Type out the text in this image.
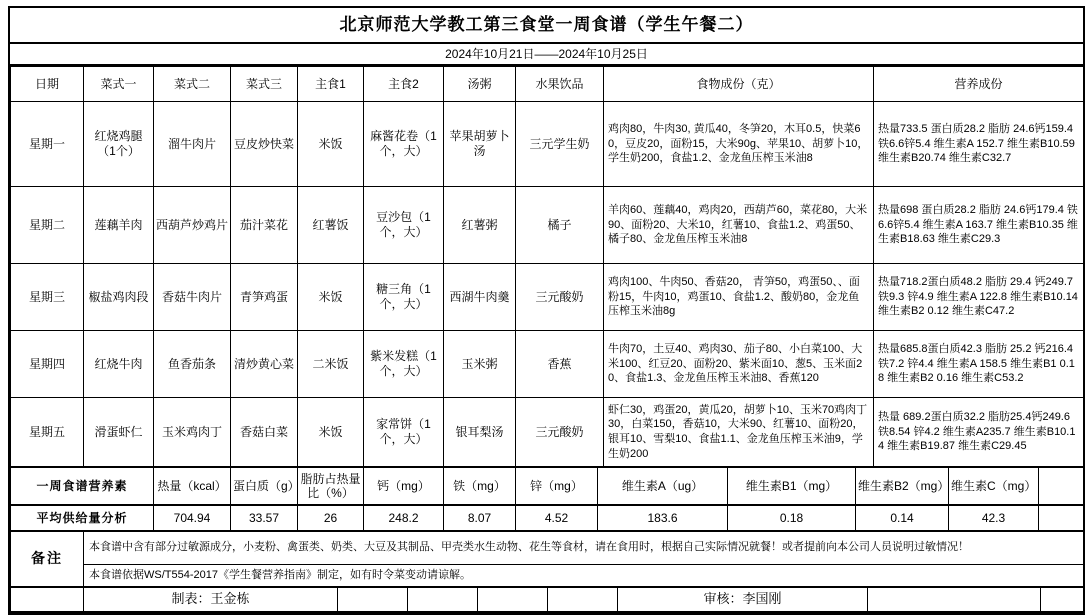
北京师范大学教工第三食堂一周食谱（学生午餐二）
2024年10月21日——2024年10月25日
日期	菜式一	菜式二	菜式三	主食1	主食2	汤粥	水果饮品	食物成份（克）	营养成份
星期一	红烧鸡腿（1个）	溜牛肉片	豆皮炒快菜	米饭	麻酱花卷（1个，大）	苹果胡萝卜汤	三元学生奶	鸡肉80，牛肉30, 黄瓜40，冬笋20，木耳0.5，快菜60，豆皮20，面粉15，大米90g、苹果10、胡萝卜10，学生奶200，食盐1.2、金龙鱼压榨玉米油8	热量733.5 蛋白质28.2 脂肪 24.6钙159.4 铁6.6锌5.4 维生素A 152.7 维生素B10.59 维生素B20.74 维生素C32.7
星期二	莲藕羊肉	西葫芦炒鸡片	茄汁菜花	红薯饭	豆沙包（1个，大）	红薯粥	橘子	羊肉60、莲藕40，鸡肉20，西葫芦60，菜花80，大米90、面粉20、大米10，红薯10、食盐1.2、鸡蛋50、橘子80、金龙鱼压榨玉米油8	热量698 蛋白质28.2 脂肪 24.6钙179.4 铁6.6锌5.4 维生素A 163.7 维生素B10.35 维生素B18.63 维生素C29.3
星期三	椒盐鸡肉段	香菇牛肉片	青笋鸡蛋	米饭	糖三角（1个，大）	西湖牛肉羹	三元酸奶	鸡肉100、牛肉50、香菇20， 青笋50，鸡蛋50、、面粉15，牛肉10，鸡蛋10、食盐1.2、酸奶80，金龙鱼压榨玉米油8g	热量718.2蛋白质48.2 脂肪 29.4 钙249.7 铁9.3 锌4.9 维生素A 122.8 维生素B10.14 维生素B2 0.12 维生素C47.2
星期四	红烧牛肉	鱼香茄条	清炒黄心菜	二米饭	紫米发糕（1个，大）	玉米粥	香蕉	牛肉70，土豆40、鸡肉30、茄子80、小白菜100、大米100、红豆20、面粉20、紫米面10、葱5、玉米面20、食盐1.3、金龙鱼压榨玉米油8、香蕉120	热量685.8蛋白质42.3 脂肪 25.2 钙216.4 铁7.2 锌4.4 维生素A 158.5 维生素B1 0.18 维生素B2 0.16 维生素C53.2
星期五	滑蛋虾仁	玉米鸡肉丁	香菇白菜	米饭	家常饼（1个，大）	银耳梨汤	三元酸奶	虾仁30，鸡蛋20，黄瓜20，胡萝卜10、玉米70鸡肉丁30，白菜150，香菇10，大米90、红薯10、面粉20，银耳10、雪梨10、食盐1.1、金龙鱼压榨玉米油9，学生奶200	热量 689.2蛋白质32.2 脂肪25.4钙249.6 铁8.54 锌4.2 维生素A235.7 维生素B10.14 维生素B19.87 维生素C29.45
一周食谱营养素	热量（kcal）	蛋白质（g）	脂肪占热量比（%）	钙（mg）	铁（mg）	锌（mg）	维生素A（ug）	维生素B1（mg）	维生素B2（mg）	维生素C（mg）	
平均供给量分析	704.94	33.57	26	248.2	8.07	4.52	183.6	0.18	0.14	42.3	
备注	本食谱中含有部分过敏源成分，小麦粉、禽蛋类、奶类、大豆及其制品、甲壳类水生动物、花生等食材，请在食用时，根据自己实际情况就餐！或者提前向本公司人员说明过敏情况！
本食谱依据WS/T554-2017《学生餐营养指南》制定，如有时令菜变动请谅解。
	制表：王金栋					审核：李国刚		
